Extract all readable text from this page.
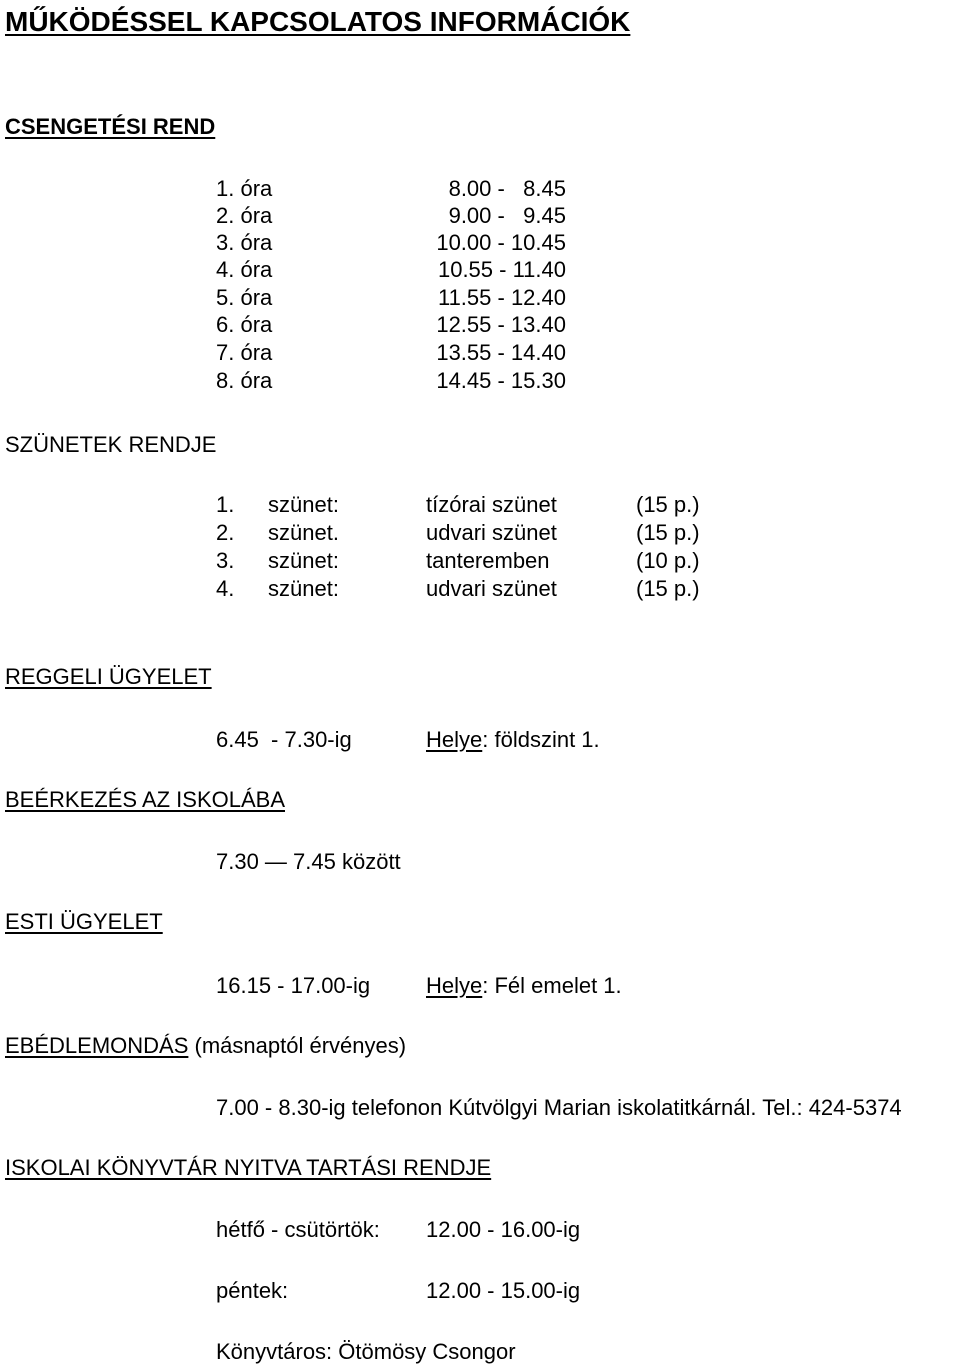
MŰKÖDÉSSEL KAPCSOLATOS INFORMÁCIÓK
CSENGETÉSI REND
1. óra	8.00 -   8.45
2. óra	9.00 -   9.45
3. óra	10.00 - 10.45
4. óra	10.55 - 11.40
5. óra	11.55 - 12.40
6. óra	12.55 - 13.40
7. óra	13.55 - 14.40
8. óra	14.45 - 15.30
SZÜNETEK RENDJE
1. szünet:	tízórai szünet	(15 p.)
2. szünet.	udvari szünet	(15 p.)
3. szünet:	tanteremben	(10 p.)
4. szünet:	udvari szünet	(15 p.)
REGGELI ÜGYELET
6.45  - 7.30-ig	Helye: földszint 1.
BEÉRKEZÉS AZ ISKOLÁBA
7.30 — 7.45 között
ESTI ÜGYELET
16.15 - 17.00-ig	Helye: Fél emelet 1.
EBÉDLEMONDÁS (másnaptól érvényes)
7.00 - 8.30-ig telefonon Kútvölgyi Marian iskolatitkárnál. Tel.: 424-5374
ISKOLAI KÖNYVTÁR NYITVA TARTÁSI RENDJE
hétfő - csütörtök: 12.00 - 16.00-ig
péntek:	12.00 - 15.00-ig
Könyvtáros: Ötömösy Csongor
